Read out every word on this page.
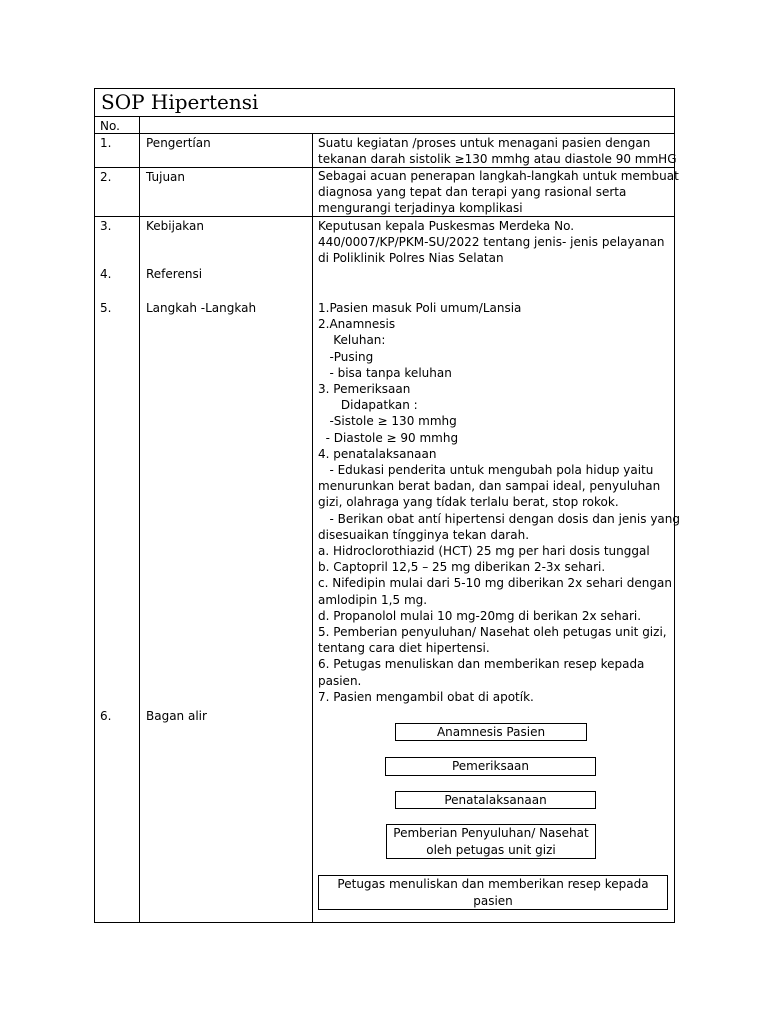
SOP Hipertensi
No.
1.	Pengertían	Suatu kegiatan /proses untuk menagani pasien dengan
tekanan darah sistolik ≥130 mmhg atau diastole 90 mmHG
2.	Tujuan	Sebagai acuan penerapan langkah-langkah untuk membuat
diagnosa yang tepat dan terapi yang rasional serta
mengurangi terjadinya komplikasi
3.	Kebijakan	Keputusan kepala Puskesmas Merdeka No.
440/0007/KP/PKM-SU/2022 tentang jenis- jenis pelayanan
di Poliklinik Polres Nias Selatan
4.	Referensi
5.	Langkah -Langkah	1.Pasien masuk Poli umum/Lansia
2.Anamnesis
Keluhan:
-Pusing
- bisa tanpa keluhan
3. Pemeriksaan
Didapatkan :
-Sistole ≥ 130 mmhg
- Diastole ≥ 90 mmhg
4. penatalaksanaan
- Edukasi penderita untuk mengubah pola hidup yaitu
menurunkan berat badan, dan sampai ideal, penyuluhan
gizi, olahraga yang tídak terlalu berat, stop rokok.
- Berikan obat antí hipertensi dengan dosis dan jenis yang
disesuaikan tíngginya tekan darah.
a. Hidroclorothiazid (HCT) 25 mg per hari dosis tunggal
b. Captopril 12,5 – 25 mg diberikan 2-3x sehari.
c. Nifedipin mulai dari 5-10 mg diberikan 2x sehari dengan
amlodipin 1,5 mg.
d. Propanolol mulai 10 mg-20mg di berikan 2x sehari.
5. Pemberian penyuluhan/ Nasehat oleh petugas unit gizi,
tentang cara diet hipertensi.
6. Petugas menuliskan dan memberikan resep kepada
pasien.
7. Pasien mengambil obat di apotík.
6.	Bagan alir
Anamnesis Pasien
Pemeriksaan
Penatalaksanaan
Pemberian Penyuluhan/ Nasehat
oleh petugas unit gizi
Petugas menuliskan dan memberikan resep kepada
pasien
